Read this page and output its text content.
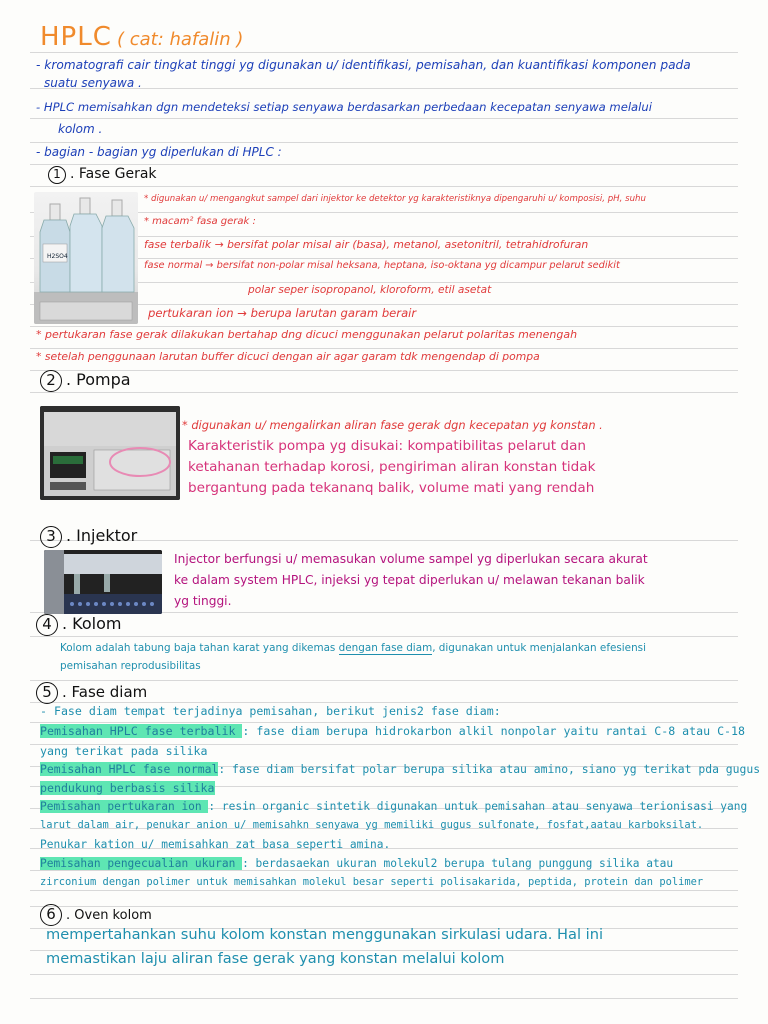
HPLC ( cat: hafalin )
- kromatografi cair tingkat tinggi yg digunakan u/ identifikasi, pemisahan, dan kuantifikasi komponen pada
suatu senyawa .
- HPLC memisahkan dgn mendeteksi setiap senyawa berdasarkan perbedaan kecepatan senyawa melalui
kolom .
- bagian - bagian yg diperlukan di HPLC :
1 . Fase Gerak
H2SO4
* digunakan u/ mengangkut sampel dari injektor ke detektor yg karakteristiknya dipengaruhi u/ komposisi, pH, suhu
* macam² fasa gerak :
fase terbalik → bersifat polar misal air (basa), metanol, asetonitril, tetrahidrofuran
fase normal → bersifat non-polar misal heksana, heptana, iso-oktana yg dicampur pelarut sedikit
polar seper isopropanol, kloroform, etil asetat
pertukaran ion → berupa larutan garam berair
* pertukaran fase gerak dilakukan bertahap dng dicuci menggunakan pelarut polaritas menengah
* setelah penggunaan larutan buffer dicuci dengan air agar garam tdk mengendap di pompa
2 . Pompa
* digunakan u/ mengalirkan aliran fase gerak dgn kecepatan yg konstan .
Karakteristik pompa yg disukai: kompatibilitas pelarut dan
ketahanan terhadap korosi, pengiriman aliran konstan tidak
bergantung pada tekananq balik, volume mati yang rendah
3 . Injektor
Injector berfungsi u/ memasukan volume sampel yg diperlukan secara akurat
ke dalam system HPLC, injeksi yg tepat diperlukan u/ melawan tekanan balik
yg tinggi.
4 . Kolom
Kolom adalah tabung baja tahan karat yang dikemas dengan fase diam, digunakan untuk menjalankan efesiensi
pemisahan reprodusibilitas
5 . Fase diam
- Fase diam tempat terjadinya pemisahan, berikut jenis2 fase diam:
Pemisahan HPLC fase terbalik : fase diam berupa hidrokarbon alkil nonpolar yaitu rantai C-8 atau C-18
yang terikat pada silika
Pemisahan HPLC fase normal: fase diam bersifat polar berupa silika atau amino, siano yg terikat pda gugus
pendukung berbasis silika
Pemisahan pertukaran ion : resin organic sintetik digunakan untuk pemisahan atau senyawa terionisasi yang
larut dalam air, penukar anion u/ memisahkn senyawa yg memiliki gugus sulfonate, fosfat,aatau karboksilat.
Penukar kation u/ memisahkan zat basa seperti amina.
Pemisahan pengecualian ukuran : berdasaekan ukuran molekul2 berupa tulang punggung silika atau
zirconium dengan polimer untuk memisahkan molekul besar seperti polisakarida, peptida, protein dan polimer
6 . Oven kolom
mempertahankan suhu kolom konstan menggunakan sirkulasi udara. Hal ini
memastikan laju aliran fase gerak yang konstan melalui kolom
